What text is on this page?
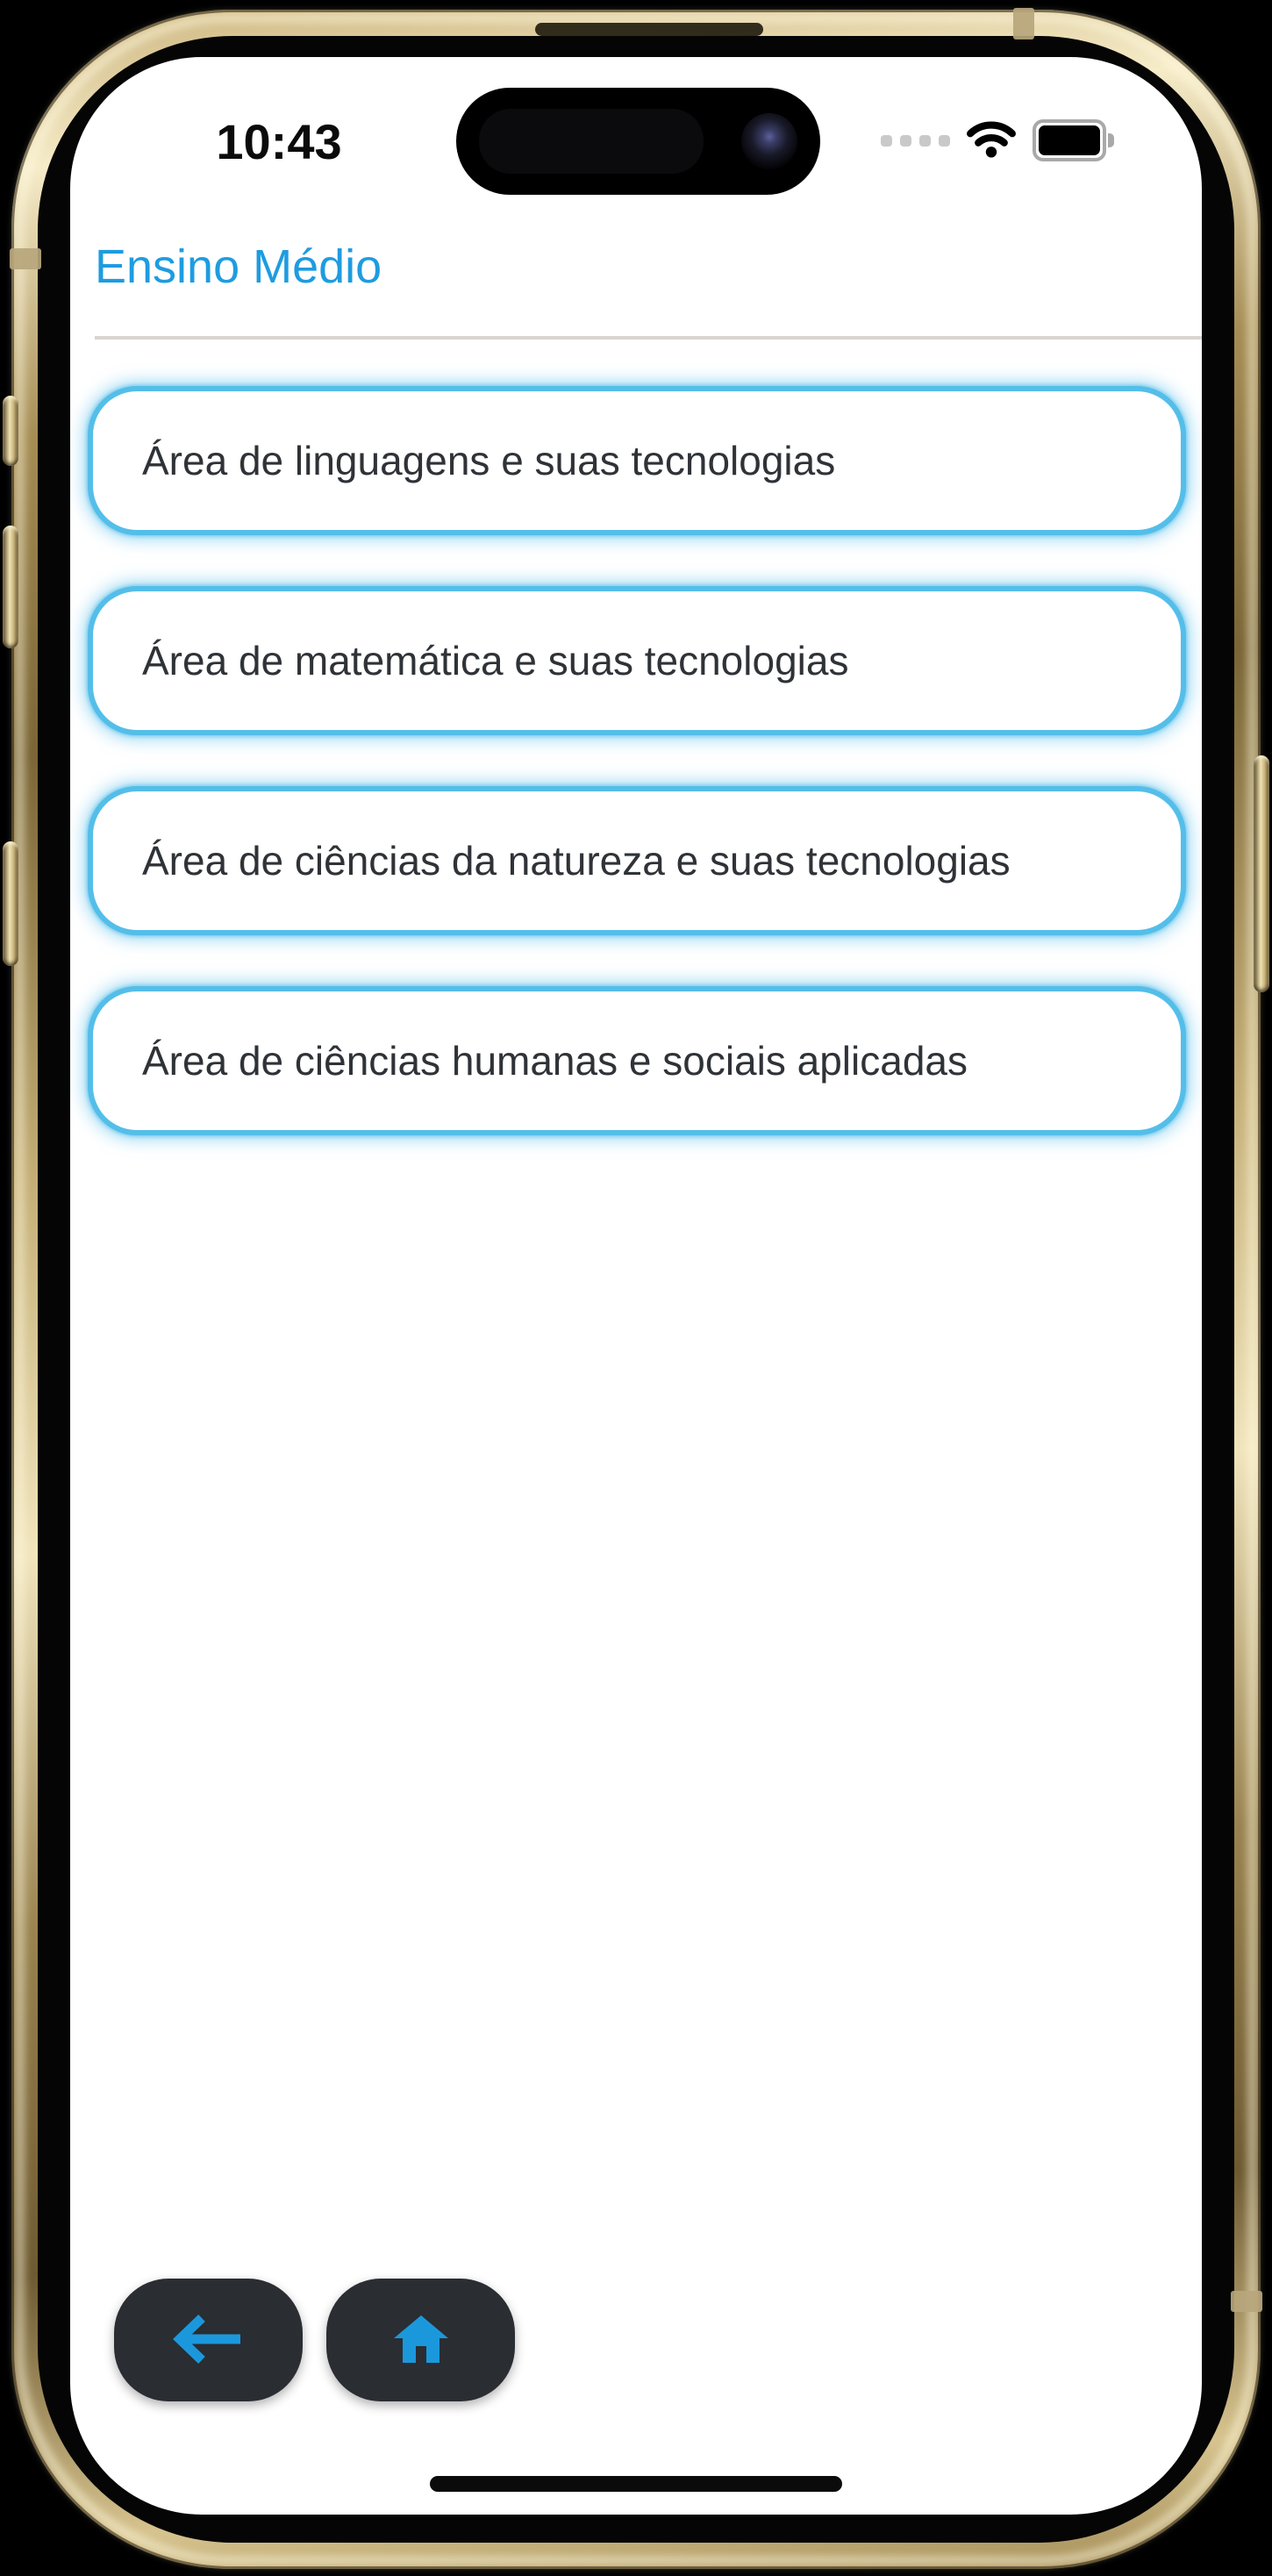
10:43
Ensino Médio
Área de linguagens e suas tecnologias
Área de matemática e suas tecnologias
Área de ciências da natureza e suas tecnologias
Área de ciências humanas e sociais aplicadas
